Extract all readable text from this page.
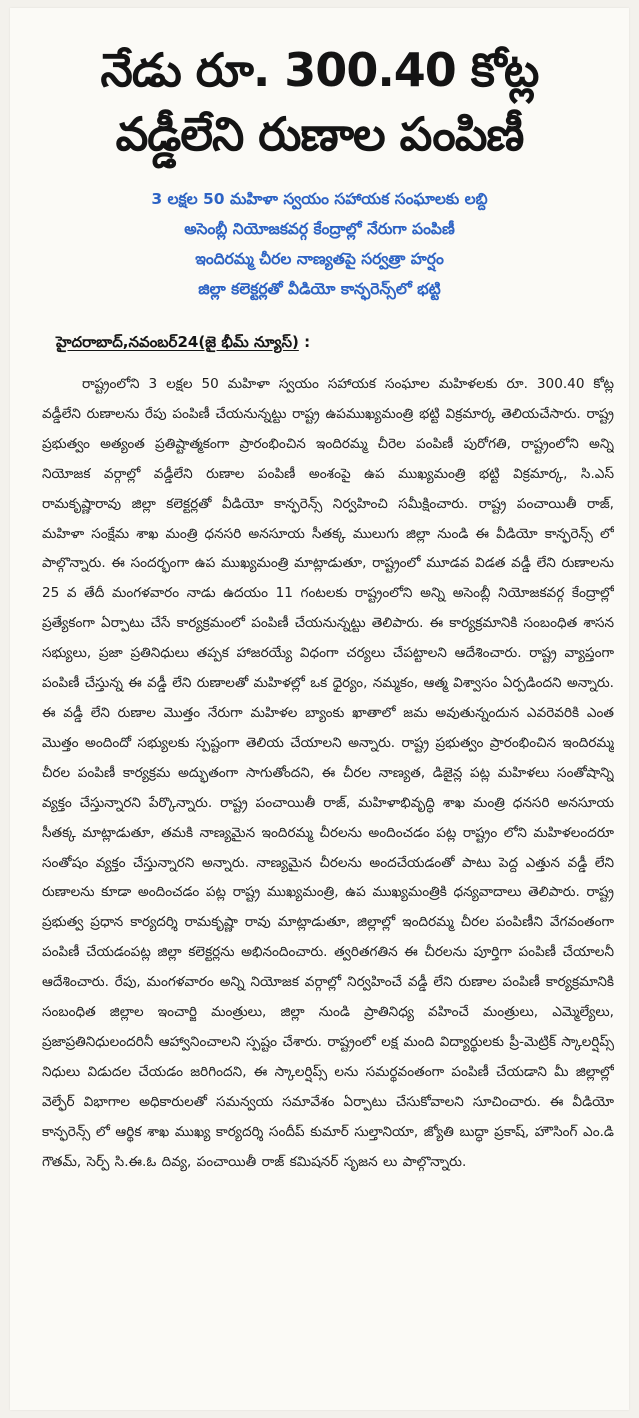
నేడు రూ. 300.40 కోట్ల
వడ్డీలేని రుణాల పంపిణీ
3 లక్షల 50 మహిళా స్వయం సహాయక సంఘాలకు లబ్ది
అసెంబ్లీ నియోజకవర్గ కేంద్రాల్లో నేరుగా పంపిణీ
ఇందిరమ్మ చీరల నాణ్యతపై సర్వత్రా హర్షం
జిల్లా కలెక్టర్లతో వీడియో కాన్ఫరెన్స్‌లో భట్టి
హైదరాబాద్,నవంబర్24(జై భీమ్ న్యూస్) :

రాష్ట్రంలోని 3 లక్షల 50 మహిళా స్వయం సహాయక సంఘాల మహిళలకు రూ. 300.40 కోట్ల వడ్డీలేని రుణాలను రేపు పంపిణీ చేయనున్నట్టు రాష్ట్ర ఉపముఖ్యమంత్రి భట్టి విక్రమార్క తెలియచేసారు. రాష్ట్ర ప్రభుత్వం అత్యంత ప్రతిష్టాత్మకంగా ప్రారంభించిన ఇందిరమ్మ చీరెల పంపిణీ పురోగతి, రాష్ట్రంలోని అన్ని నియోజక వర్గాల్లో వడ్డీలేని రుణాల పంపిణీ అంశంపై ఉప ముఖ్యమంత్రి భట్టి విక్రమార్క, సి.ఎస్ రామకృష్ణారావు జిల్లా కలెక్టర్లతో వీడియో కాన్ఫరెన్స్ నిర్వహించి సమీక్షించారు. రాష్ట్ర పంచాయితీ రాజ్, మహిళా సంక్షేమ శాఖ మంత్రి ధనసరి అనసూయ సీతక్క ములుగు జిల్లా నుండి ఈ వీడియో కాన్ఫరెన్స్ లో పాల్గొన్నారు. ఈ సందర్భంగా ఉప ముఖ్యమంత్రి మాట్లాడుతూ, రాష్ట్రంలో మూడవ విడత వడ్డీ లేని రుణాలను 25 వ తేదీ మంగళవారం నాడు ఉదయం 11 గంటలకు రాష్ట్రంలోని అన్ని అసెంబ్లీ నియోజకవర్గ కేంద్రాల్లో ప్రత్యేకంగా ఏర్పాటు చేసే కార్యక్రమంలో పంపిణీ చేయనున్నట్టు తెలిపారు. ఈ కార్యక్రమానికి సంబంధిత శాసన సభ్యులు, ప్రజా ప్రతినిధులు తప్పక హాజరయ్యే విధంగా చర్యలు చేపట్టాలని ఆదేశించారు. రాష్ట్ర వ్యాప్తంగా పంపిణీ చేస్తున్న ఈ వడ్డీ లేని రుణాలతో మహిళల్లో ఒక ధైర్యం, నమ్మకం, ఆత్మ విశ్వాసం ఏర్పడిందని అన్నారు. ఈ వడ్డీ లేని రుణాల మొత్తం నేరుగా మహిళల బ్యాంకు ఖాతాలో జమ అవుతున్నందున ఎవరెవరికి ఎంత మొత్తం అందిందో సభ్యులకు స్పష్టంగా తెలియ చేయాలని అన్నారు. రాష్ట్ర ప్రభుత్వం ప్రారంభించిన ఇందిరమ్మ చీరల పంపిణీ కార్యక్రమ అద్భుతంగా సాగుతోందని, ఈ చీరల నాణ్యత, డిజైన్ల పట్ల మహిళలు సంతోషాన్ని వ్యక్తం చేస్తున్నారని పేర్కొన్నారు. రాష్ట్ర పంచాయితీ రాజ్, మహిళాభివృద్ధి శాఖ మంత్రి ధనసరి అనసూయ సీతక్క మాట్లాడుతూ, తమకి నాణ్యమైన ఇందిరమ్మ చీరలను అందించడం పట్ల రాష్ట్రం లోని మహిళలందరూ సంతోషం వ్యక్తం చేస్తున్నారని అన్నారు. నాణ్యమైన చీరలను అందచేయడంతో పాటు పెద్ద ఎత్తున వడ్డీ లేని రుణాలను కూడా అందించడం పట్ల రాష్ట్ర ముఖ్యమంత్రి, ఉప ముఖ్యమంత్రికి ధన్యవాదాలు తెలిపారు. రాష్ట్ర ప్రభుత్వ ప్రధాన కార్యదర్శి రామకృష్ణా రావు మాట్లాడుతూ, జిల్లాల్లో ఇందిరమ్మ చీరల పంపిణీని వేగవంతంగా పంపిణీ చేయడంపట్ల జిల్లా కలెక్టర్లను అభినందించారు. త్వరితగతిన ఈ చీరలను పూర్తిగా పంపిణీ చేయాలనీ ఆదేశించారు. రేపు, మంగళవారం అన్ని నియోజక వర్గాల్లో నిర్వహించే వడ్డీ లేని రుణాల పంపిణీ కార్యక్రమానికి సంబంధిత జిల్లాల ఇంచార్జి మంత్రులు, జిల్లా నుండి ప్రాతినిధ్య వహించే మంత్రులు, ఎమ్మెల్యేలు, ప్రజాప్రతినిధులందరినీ ఆహ్వానించాలని స్పష్టం చేశారు. రాష్ట్రంలో లక్ష మంది విద్యార్థులకు ప్రీ-మెట్రిక్ స్కాలర్షిప్స్ నిధులు విడుదల చేయడం జరిగిందని, ఈ స్కాలర్షిప్స్ లను సమర్థవంతంగా పంపిణీ చేయడాని మీ జిల్లాల్లో వెల్ఫేర్ విభాగాల అధికారులతో సమన్వయ సమావేశం ఏర్పాటు చేసుకోవాలని సూచించారు. ఈ వీడియో కాన్ఫరెన్స్ లో ఆర్థిక శాఖ ముఖ్య కార్యదర్శి సందీప్ కుమార్ సుల్తానియా, జ్యోతి బుద్ధా ప్రకాష్, హౌసింగ్ ఎం.డి గౌతమ్, సెర్ప్ సి.ఈ.ఓ దివ్య, పంచాయితీ రాజ్ కమిషనర్ సృజన లు పాల్గొన్నారు.
